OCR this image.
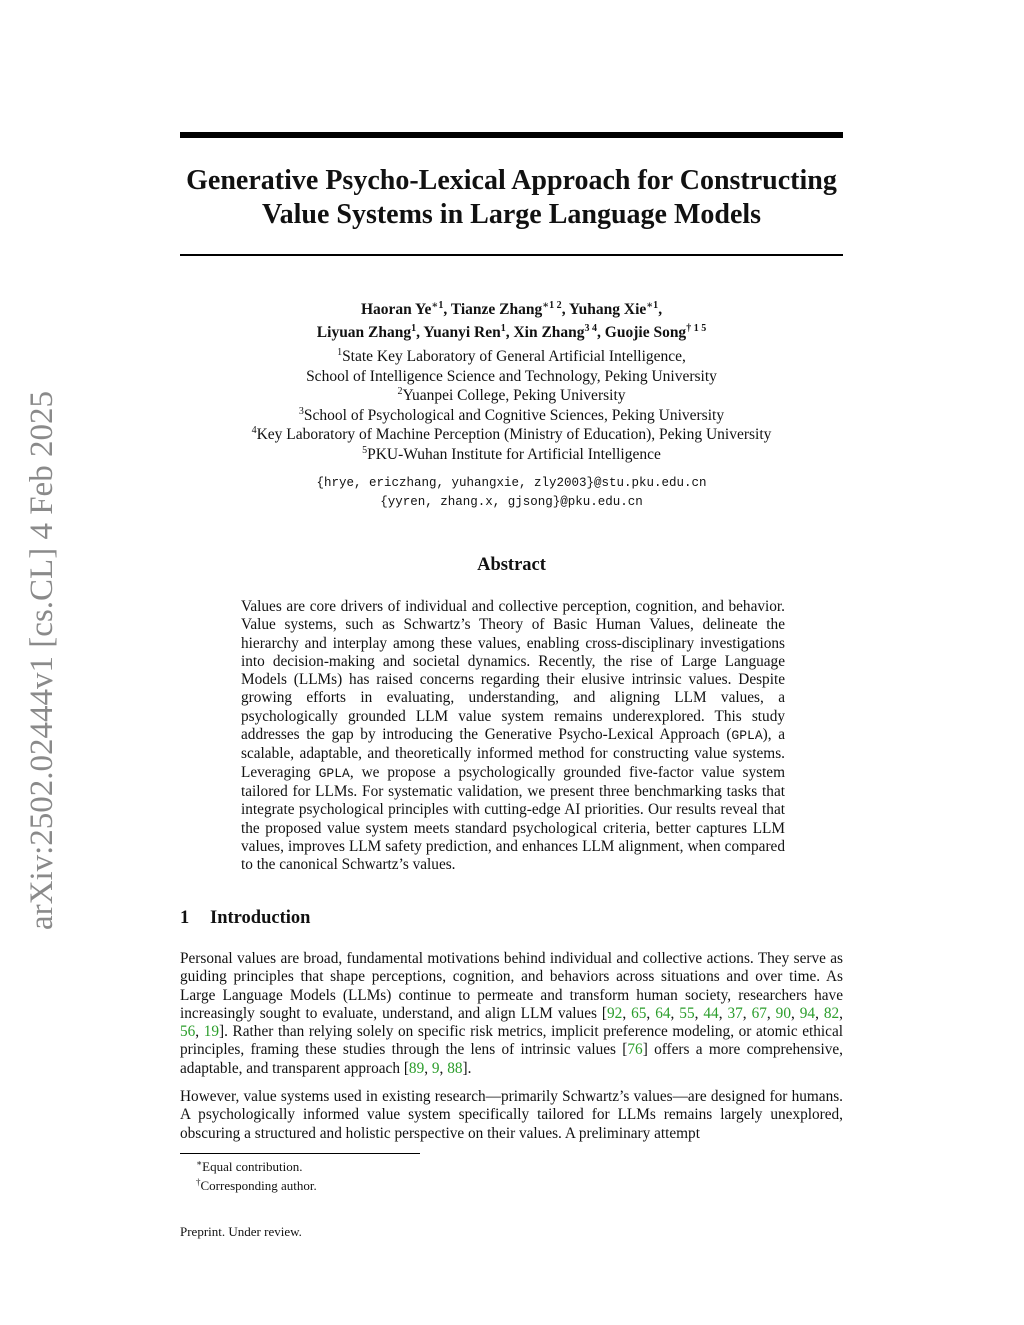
arXiv:2502.02444v1 [cs.CL] 4 Feb 2025
Generative Psycho-Lexical Approach for Constructing
Value Systems in Large Language Models
Haoran $Ye^{∗1}$, Tianze Zhang$^{∗1 2}$, Yuhang Xie$^{∗1}$,
Liyuan Zhang$^1$, Yuanyi Ren$^1$, Xin Zhang$^{3 4}$, Guojie Song$^{\dagger 1 5}$
$^1$State Key Laboratory of General Artificial Intelligence,
School of Intelligence Science and Technology, Peking University
$^2$Yuanpei College, Peking University
$^3$School of Psychological and Cognitive Sciences, Peking University
$^4$Key Laboratory of Machine Perception (Ministry of Education), Peking University
$^5$PKU-Wuhan Institute for Artificial Intelligence
{hrye, ericzhang, yuhangxie, zly2003}@stu.pku.edu.cn
{yyren, zhang.x, gjsong}@pku.edu.cn
Abstract
Values are core drivers of individual and collective perception, cognition, and behavior. Value systems, such as Schwartz’s Theory of Basic Human Values, delineate the hierarchy and interplay among these values, enabling cross-disciplinary investigations into decision-making and societal dynamics. Recently, the rise of Large Language Models (LLMs) has raised concerns regarding their elusive intrinsic values. Despite growing efforts in evaluating, understanding, and aligning LLM values, a psychologically grounded LLM value system remains underexplored. This study addresses the gap by introducing the Generative Psycho-Lexical Approach (GPLA), a scalable, adaptable, and theoretically informed method for constructing value systems. Leveraging GPLA, we propose a psychologically grounded five-factor value system tailored for LLMs. For systematic validation, we present three benchmarking tasks that integrate psychological principles with cutting-edge AI priorities. Our results reveal that the proposed value system meets standard psychological criteria, better captures LLM values, improves LLM safety prediction, and enhances LLM alignment, when compared to the canonical Schwartz’s values.
1 Introduction
Personal values are broad, fundamental motivations behind individual and collective actions. They serve as guiding principles that shape perceptions, cognition, and behaviors across situations and over time. As Large Language Models (LLMs) continue to permeate and transform human society, researchers have increasingly sought to evaluate, understand, and align LLM values [92, 65, 64, 55, 44, 37, 67, 90, 94, 82, 56, 19]. Rather than relying solely on specific risk metrics, implicit preference modeling, or atomic ethical principles, framing these studies through the lens of intrinsic values [76] offers a more comprehensive, adaptable, and transparent approach [89, 9, 88].
However, value systems used in existing research—primarily Schwartz’s values—are designed for humans. A psychologically informed value system specifically tailored for LLMs remains largely unexplored, obscuring a structured and holistic perspective on their values. A preliminary attempt
∗Equal contribution.
†Corresponding author.
Preprint. Under review.
